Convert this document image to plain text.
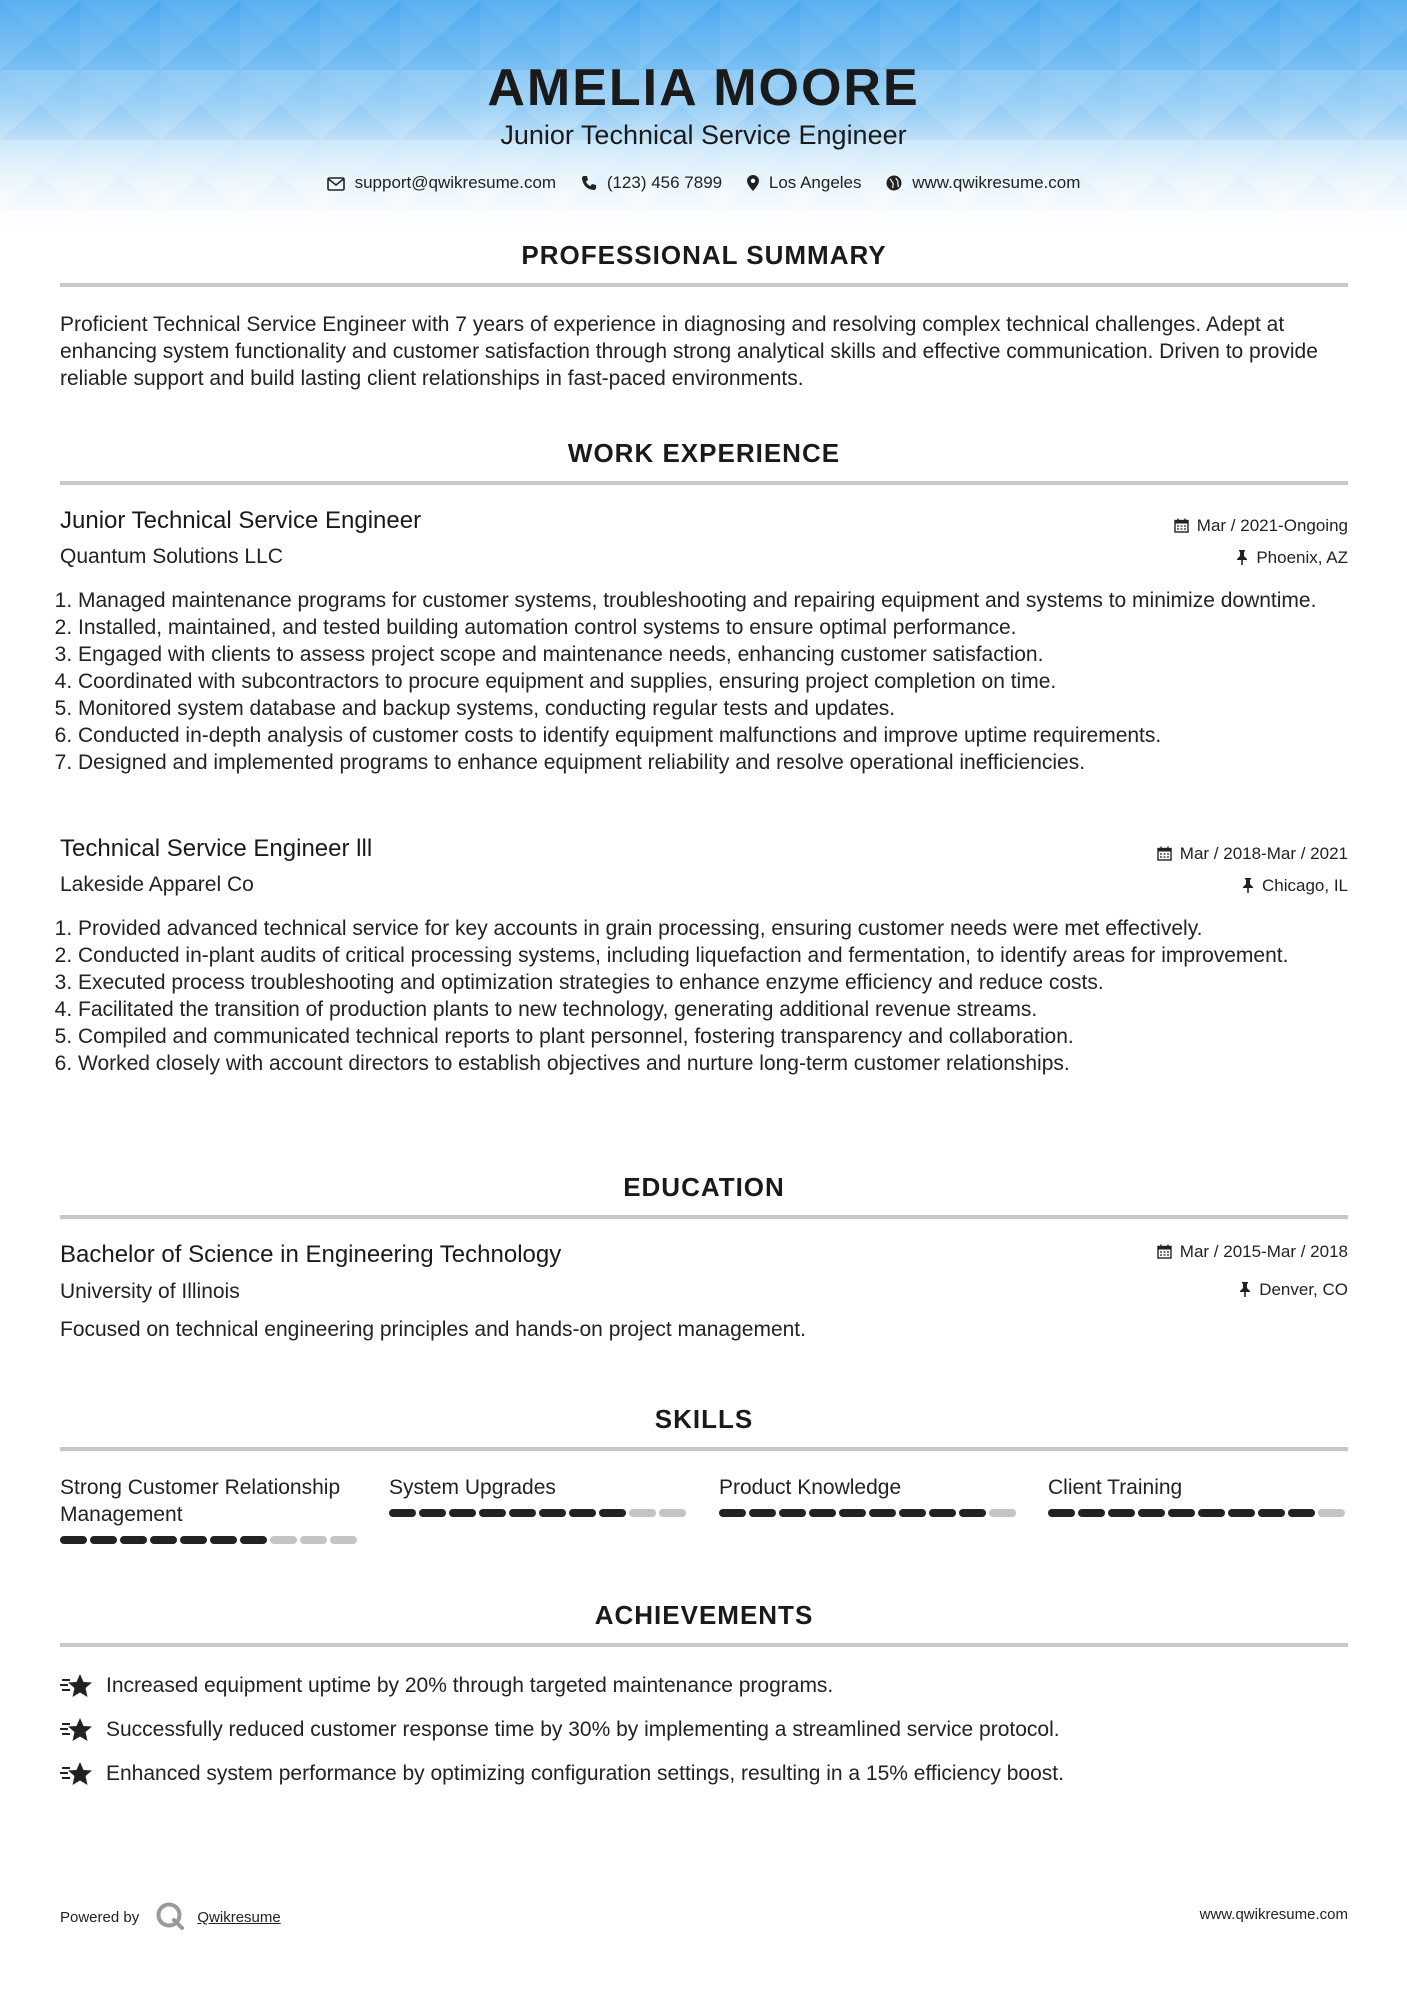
AMELIA MOORE
Junior Technical Service Engineer
support@qwikresume.com	(123) 456 7899	Los Angeles	www.qwikresume.com
PROFESSIONAL SUMMARY
Proficient Technical Service Engineer with 7 years of experience in diagnosing and resolving complex technical challenges. Adept at enhancing system functionality and customer satisfaction through strong analytical skills and effective communication. Driven to provide reliable support and build lasting client relationships in fast-paced environments.
WORK EXPERIENCE
Junior Technical Service Engineer	Mar / 2021-Ongoing
Quantum Solutions LLC	Phoenix, AZ
1. Managed maintenance programs for customer systems, troubleshooting and repairing equipment and systems to minimize downtime.
2. Installed, maintained, and tested building automation control systems to ensure optimal performance.
3. Engaged with clients to assess project scope and maintenance needs, enhancing customer satisfaction.
4. Coordinated with subcontractors to procure equipment and supplies, ensuring project completion on time.
5. Monitored system database and backup systems, conducting regular tests and updates.
6. Conducted in-depth analysis of customer costs to identify equipment malfunctions and improve uptime requirements.
7. Designed and implemented programs to enhance equipment reliability and resolve operational inefficiencies.
Technical Service Engineer lll	Mar / 2018-Mar / 2021
Lakeside Apparel Co	Chicago, IL
1. Provided advanced technical service for key accounts in grain processing, ensuring customer needs were met effectively.
2. Conducted in-plant audits of critical processing systems, including liquefaction and fermentation, to identify areas for improvement.
3. Executed process troubleshooting and optimization strategies to enhance enzyme efficiency and reduce costs.
4. Facilitated the transition of production plants to new technology, generating additional revenue streams.
5. Compiled and communicated technical reports to plant personnel, fostering transparency and collaboration.
6. Worked closely with account directors to establish objectives and nurture long-term customer relationships.
EDUCATION
Bachelor of Science in Engineering Technology	Mar / 2015-Mar / 2018
University of Illinois	Denver, CO
Focused on technical engineering principles and hands-on project management.
SKILLS
Strong Customer Relationship Management
System Upgrades	Product Knowledge	Client Training
ACHIEVEMENTS
Increased equipment uptime by 20% through targeted maintenance programs.
Successfully reduced customer response time by 30% by implementing a streamlined service protocol.
Enhanced system performance by optimizing configuration settings, resulting in a 15% efficiency boost.
Powered by	Qwikresume	www.qwikresume.com
